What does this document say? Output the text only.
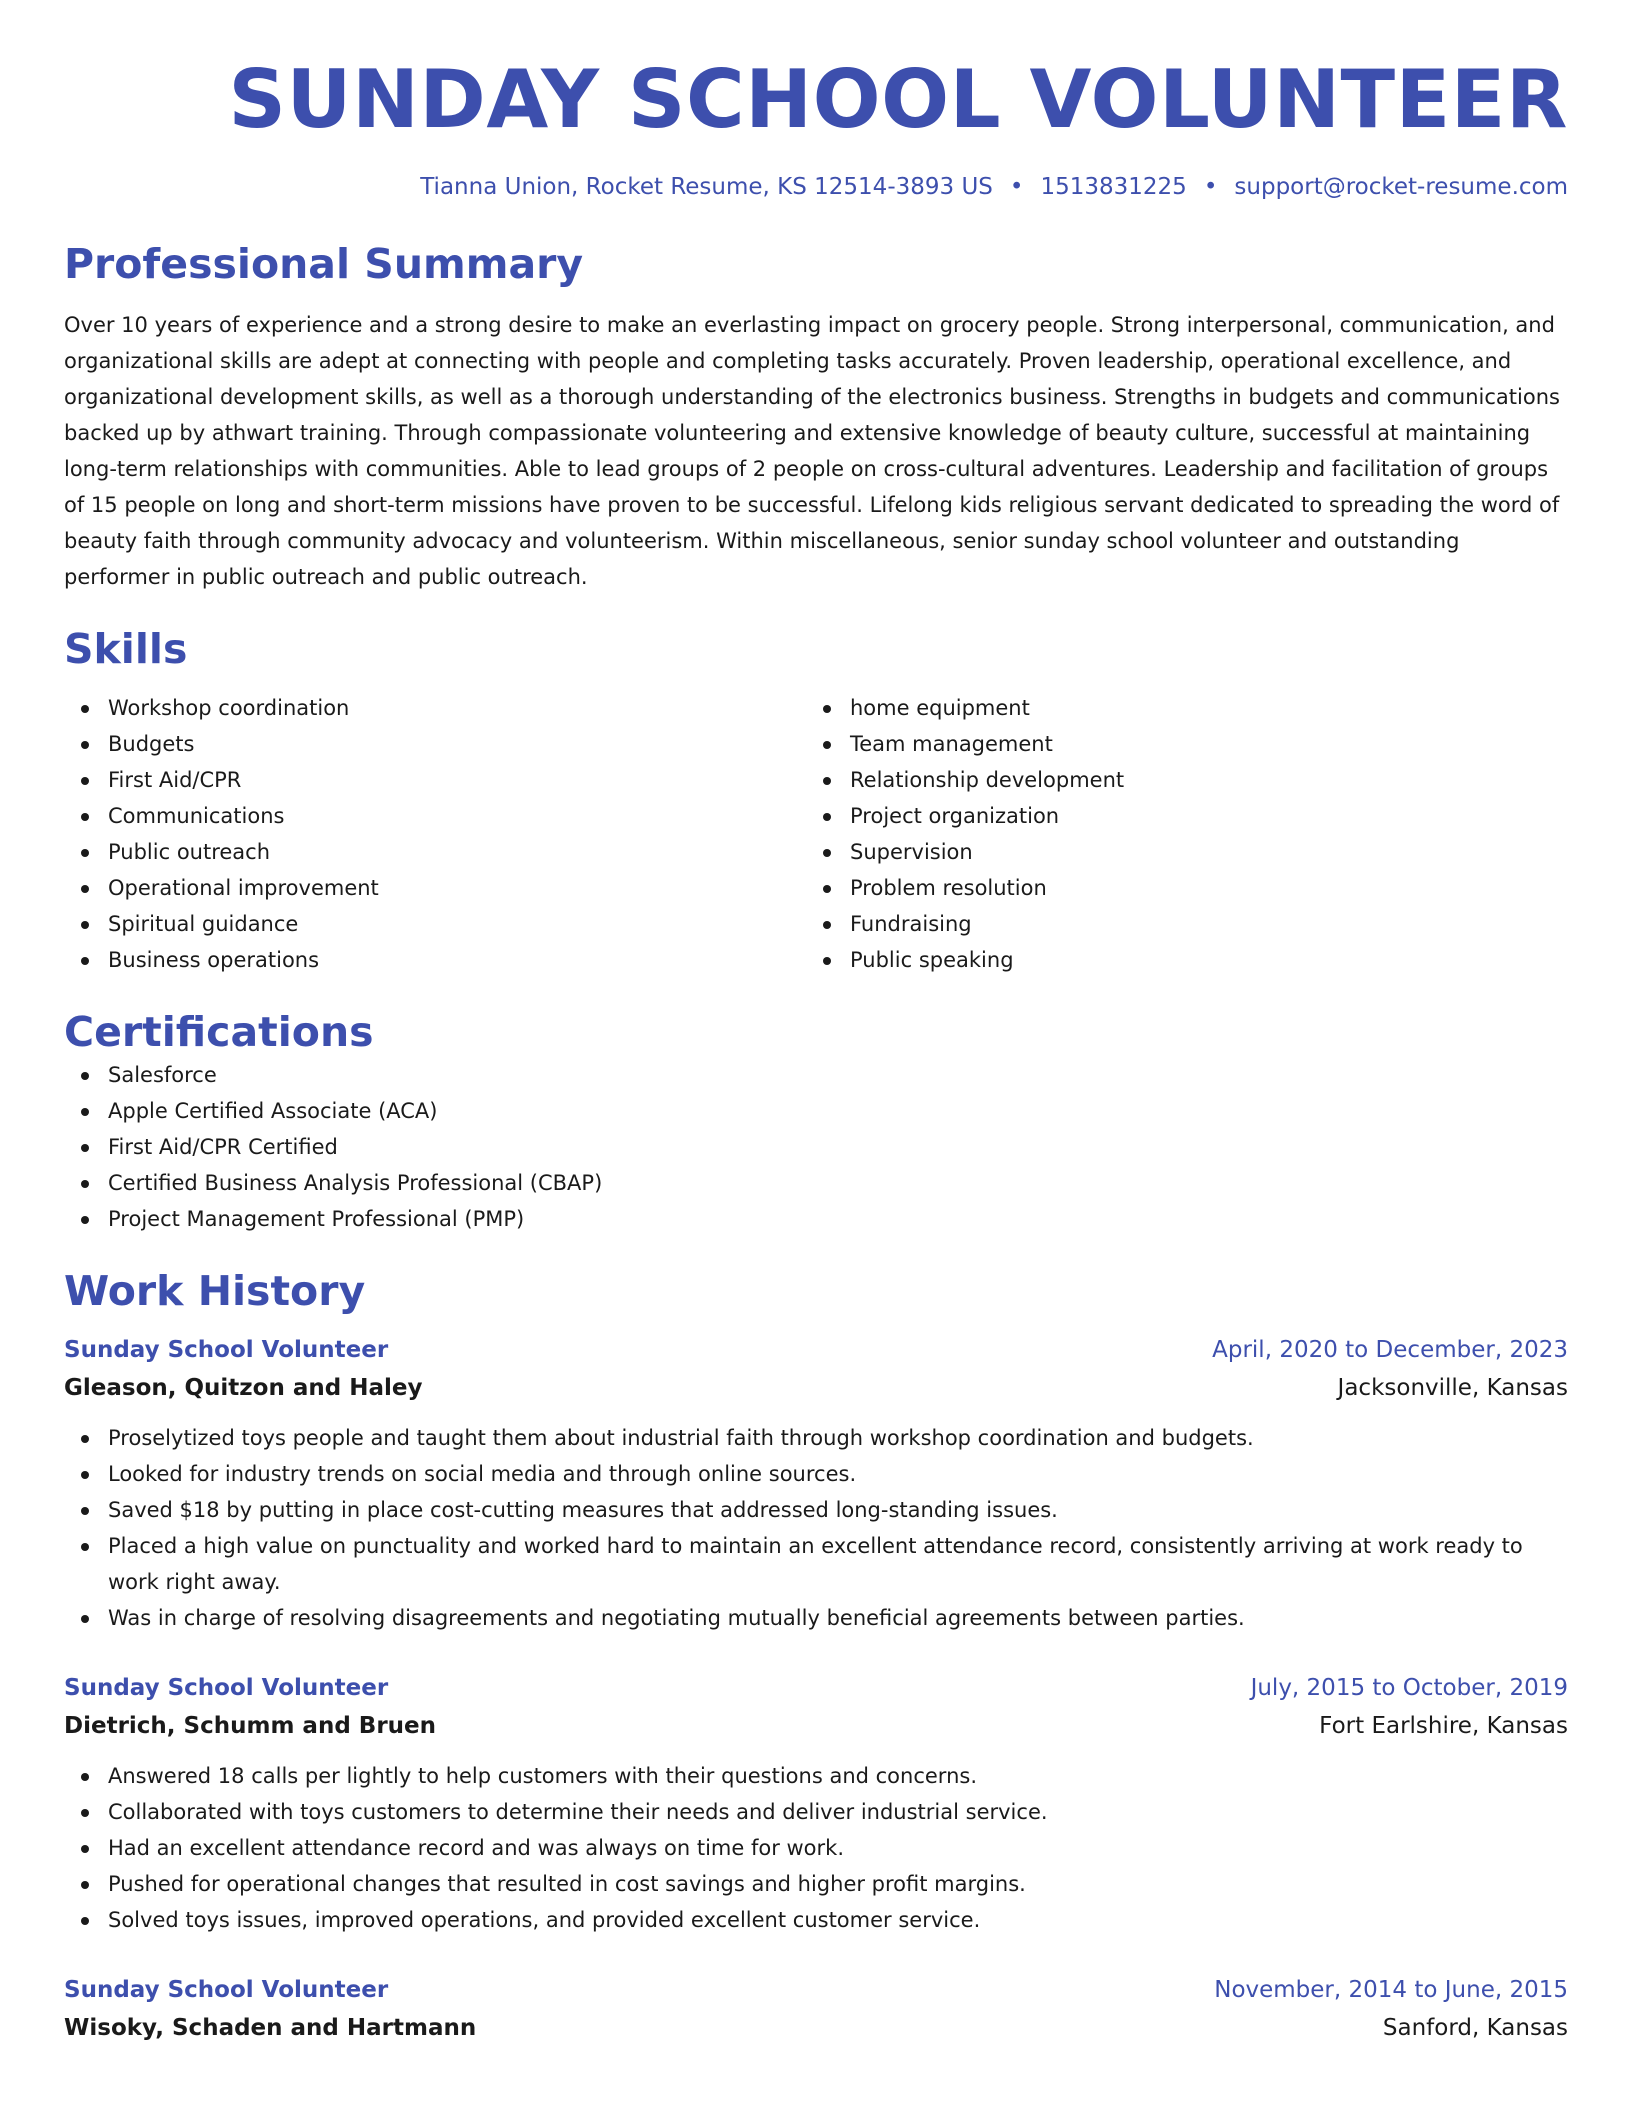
SUNDAY SCHOOL VOLUNTEER
Tianna Union, Rocket Resume, KS 12514-3893 US • 1513831225 • support@rocket-resume.com
Professional Summary
Over 10 years of experience and a strong desire to make an everlasting impact on grocery people. Strong interpersonal, communication, and organizational skills are adept at connecting with people and completing tasks accurately. Proven leadership, operational excellence, and organizational development skills, as well as a thorough understanding of the electronics business. Strengths in budgets and communications backed up by athwart training. Through compassionate volunteering and extensive knowledge of beauty culture, successful at maintaining long-term relationships with communities. Able to lead groups of 2 people on cross-cultural adventures. Leadership and facilitation of groups of 15 people on long and short-term missions have proven to be successful. Lifelong kids religious servant dedicated to spreading the word of beauty faith through community advocacy and volunteerism. Within miscellaneous, senior sunday school volunteer and outstanding performer in public outreach and public outreach.
Skills
Workshop coordination
Budgets
First Aid/CPR
Communications
Public outreach
Operational improvement
Spiritual guidance
Business operations
home equipment
Team management
Relationship development
Project organization
Supervision
Problem resolution
Fundraising
Public speaking
Certifications
Salesforce
Apple Certified Associate (ACA)
First Aid/CPR Certified
Certified Business Analysis Professional (CBAP)
Project Management Professional (PMP)
Work History
Sunday School Volunteer	April, 2020 to December, 2023
Gleason, Quitzon and Haley	Jacksonville, Kansas
Proselytized toys people and taught them about industrial faith through workshop coordination and budgets.
Looked for industry trends on social media and through online sources.
Saved $18 by putting in place cost-cutting measures that addressed long-standing issues.
Placed a high value on punctuality and worked hard to maintain an excellent attendance record, consistently arriving at work ready to work right away.
Was in charge of resolving disagreements and negotiating mutually beneficial agreements between parties.
Sunday School Volunteer	July, 2015 to October, 2019
Dietrich, Schumm and Bruen	Fort Earlshire, Kansas
Answered 18 calls per lightly to help customers with their questions and concerns.
Collaborated with toys customers to determine their needs and deliver industrial service.
Had an excellent attendance record and was always on time for work.
Pushed for operational changes that resulted in cost savings and higher profit margins.
Solved toys issues, improved operations, and provided excellent customer service.
Sunday School Volunteer	November, 2014 to June, 2015
Wisoky, Schaden and Hartmann	Sanford, Kansas
